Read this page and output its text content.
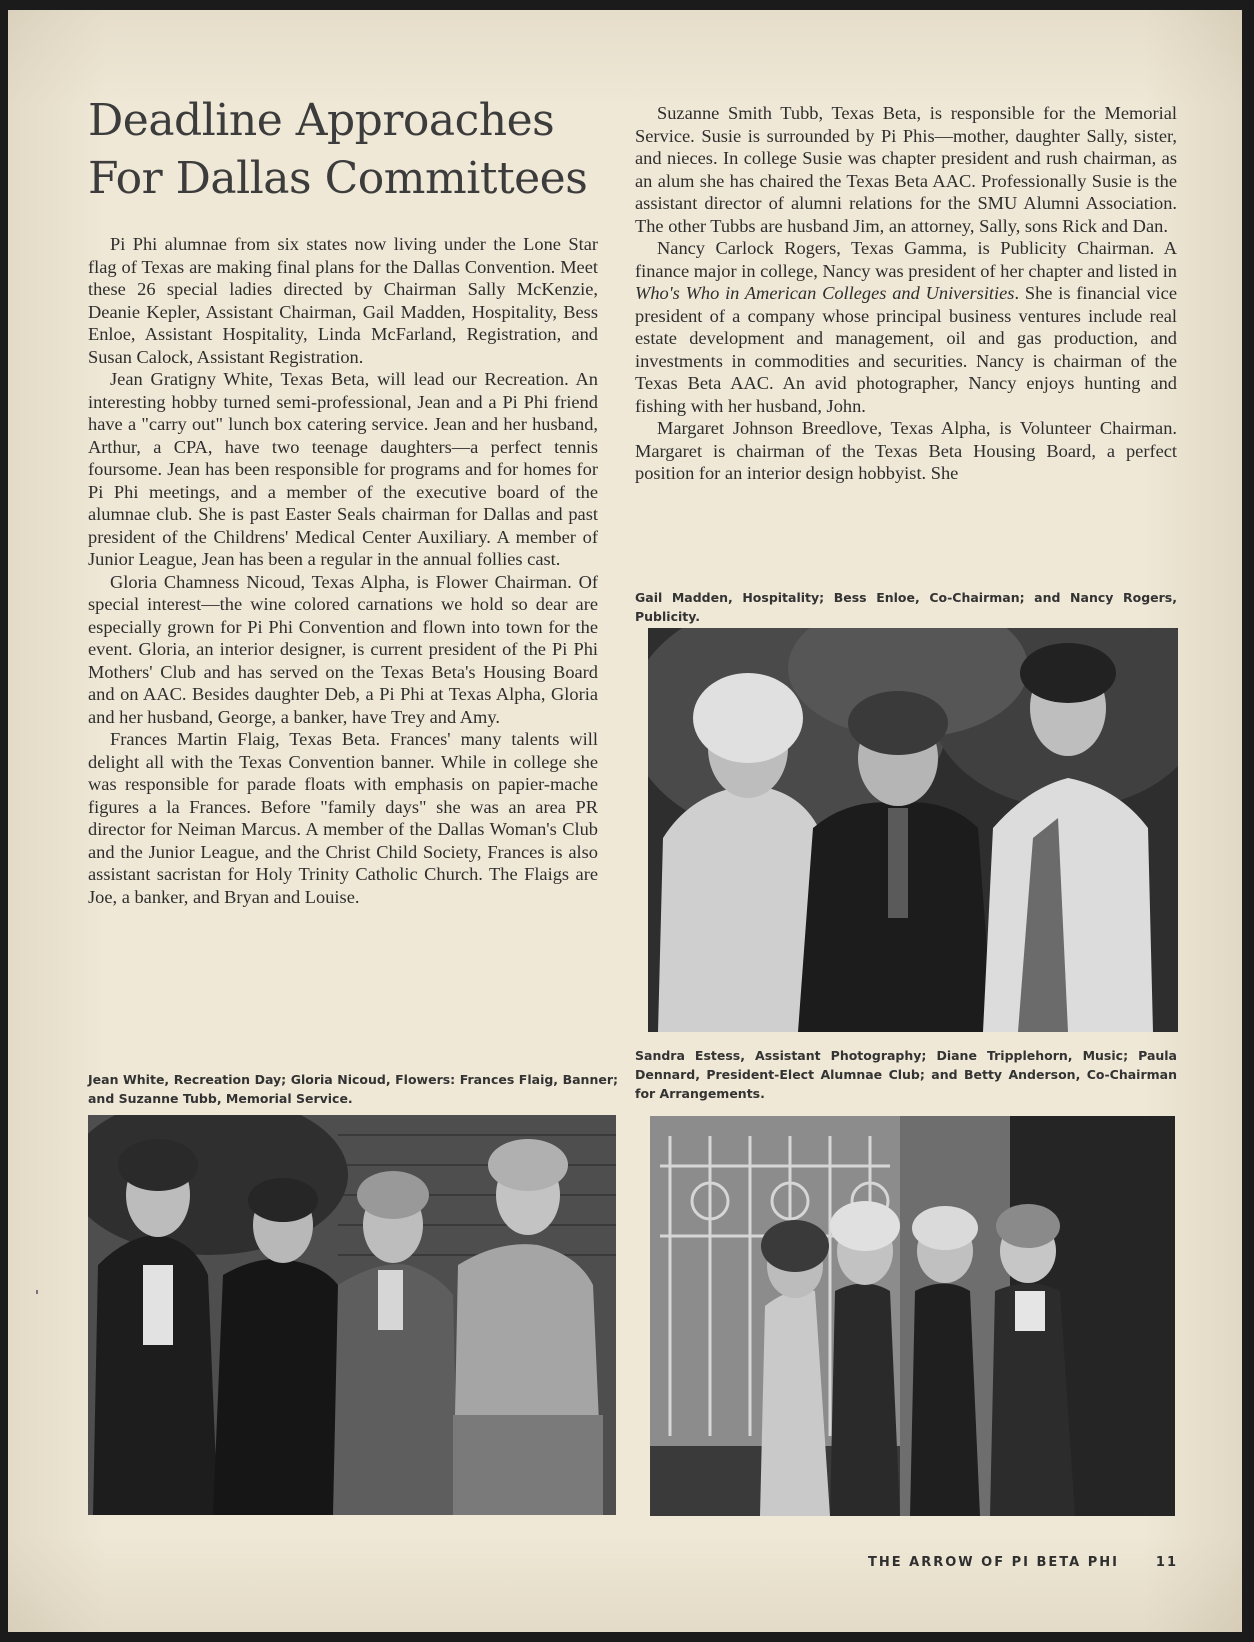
Deadline Approaches
For Dallas Committees

Pi Phi alumnae from six states now living under the Lone Star flag of Texas are making final plans for the Dallas Convention. Meet these 26 special ladies directed by Chairman Sally McKenzie, Deanie Kepler, Assistant Chairman, Gail Madden, Hospitality, Bess Enloe, Assistant Hospitality, Linda McFarland, Registration, and Susan Calock, Assistant Registration.

Jean Gratigny White, Texas Beta, will lead our Recreation. An interesting hobby turned semi-professional, Jean and a Pi Phi friend have a "carry out" lunch box catering service. Jean and her husband, Arthur, a CPA, have two teenage daughters—a perfect tennis foursome. Jean has been responsible for programs and for homes for Pi Phi meetings, and a member of the executive board of the alumnae club. She is past Easter Seals chairman for Dallas and past president of the Childrens' Medical Center Auxiliary. A member of Junior League, Jean has been a regular in the annual follies cast.

Gloria Chamness Nicoud, Texas Alpha, is Flower Chairman. Of special interest—the wine colored carnations we hold so dear are especially grown for Pi Phi Convention and flown into town for the event. Gloria, an interior designer, is current president of the Pi Phi Mothers' Club and has served on the Texas Beta's Housing Board and on AAC. Besides daughter Deb, a Pi Phi at Texas Alpha, Gloria and her husband, George, a banker, have Trey and Amy.

Frances Martin Flaig, Texas Beta. Frances' many talents will delight all with the Texas Convention banner. While in college she was responsible for parade floats with emphasis on papier-mache figures a la Frances. Before "family days" she was an area PR director for Neiman Marcus. A member of the Dallas Woman's Club and the Junior League, and the Christ Child Society, Frances is also assistant sacristan for Holy Trinity Catholic Church. The Flaigs are Joe, a banker, and Bryan and Louise.

Suzanne Smith Tubb, Texas Beta, is responsible for the Memorial Service. Susie is surrounded by Pi Phis—mother, daughter Sally, sister, and nieces. In college Susie was chapter president and rush chairman, as an alum she has chaired the Texas Beta AAC. Professionally Susie is the assistant director of alumni relations for the SMU Alumni Association. The other Tubbs are husband Jim, an attorney, Sally, sons Rick and Dan.

Nancy Carlock Rogers, Texas Gamma, is Publicity Chairman. A finance major in college, Nancy was president of her chapter and listed in Who's Who in American Colleges and Universities. She is financial vice president of a company whose principal business ventures include real estate development and management, oil and gas production, and investments in commodities and securities. Nancy is chairman of the Texas Beta AAC. An avid photographer, Nancy enjoys hunting and fishing with her husband, John.

Margaret Johnson Breedlove, Texas Alpha, is Volunteer Chairman. Margaret is chairman of the Texas Beta Housing Board, a perfect position for an interior design hobbyist. She

Gail Madden, Hospitality; Bess Enloe, Co-Chairman; and Nancy Rogers, Publicity.

Sandra Estess, Assistant Photography; Diane Tripplehorn, Music; Paula Dennard, President-Elect Alumnae Club; and Betty Anderson, Co-Chairman for Arrangements.

Jean White, Recreation Day; Gloria Nicoud, Flowers: Frances Flaig, Banner; and Suzanne Tubb, Memorial Service.

THE ARROW OF PI BETA PHI	11
